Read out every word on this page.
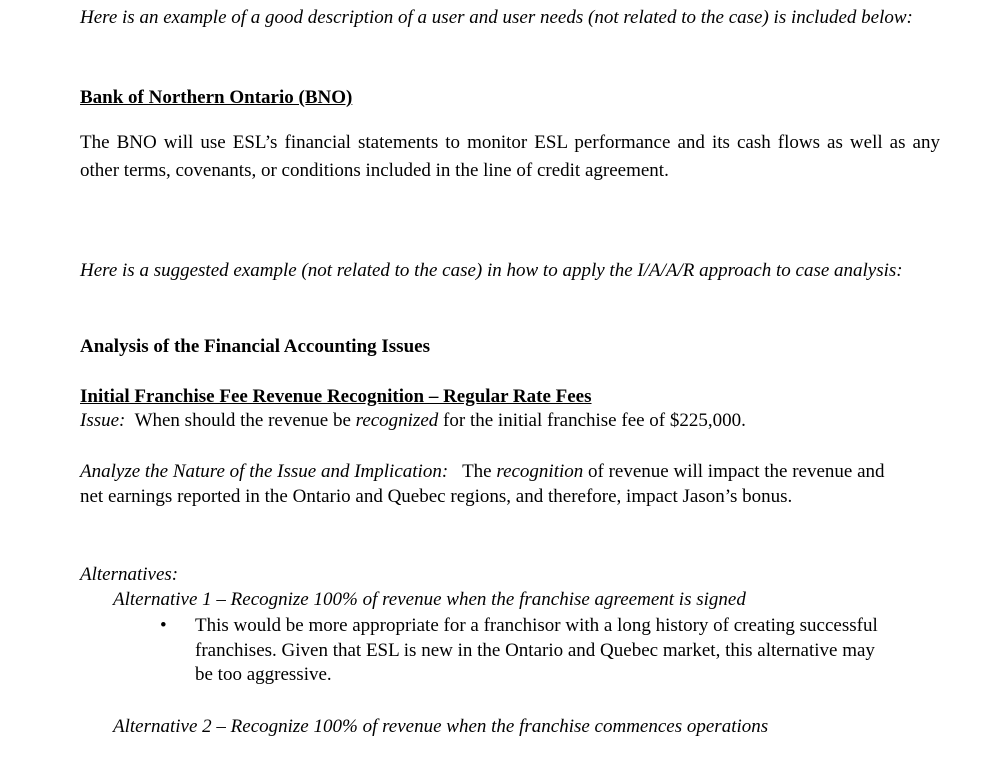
Here is an example of a good description of a user and user needs (not related to the case) is included below:

Bank of Northern Ontario (BNO)

The BNO will use ESL’s financial statements to monitor ESL performance and its cash flows as well as any other terms, covenants, or conditions included in the line of credit agreement.

Here is a suggested example (not related to the case) in how to apply the I/A/A/R approach to case analysis:

Analysis of the Financial Accounting Issues

Initial Franchise Fee Revenue Recognition – Regular Rate Fees

Issue: When should the revenue be recognized for the initial franchise fee of $225,000.

Analyze the Nature of the Issue and Implication: The recognition of revenue will impact the revenue and net earnings reported in the Ontario and Quebec regions, and therefore, impact Jason’s bonus.

Alternatives:

Alternative 1 – Recognize 100% of revenue when the franchise agreement is signed

•	This would be more appropriate for a franchisor with a long history of creating successful franchises. Given that ESL is new in the Ontario and Quebec market, this alternative may be too aggressive.

Alternative 2 – Recognize 100% of revenue when the franchise commences operations
